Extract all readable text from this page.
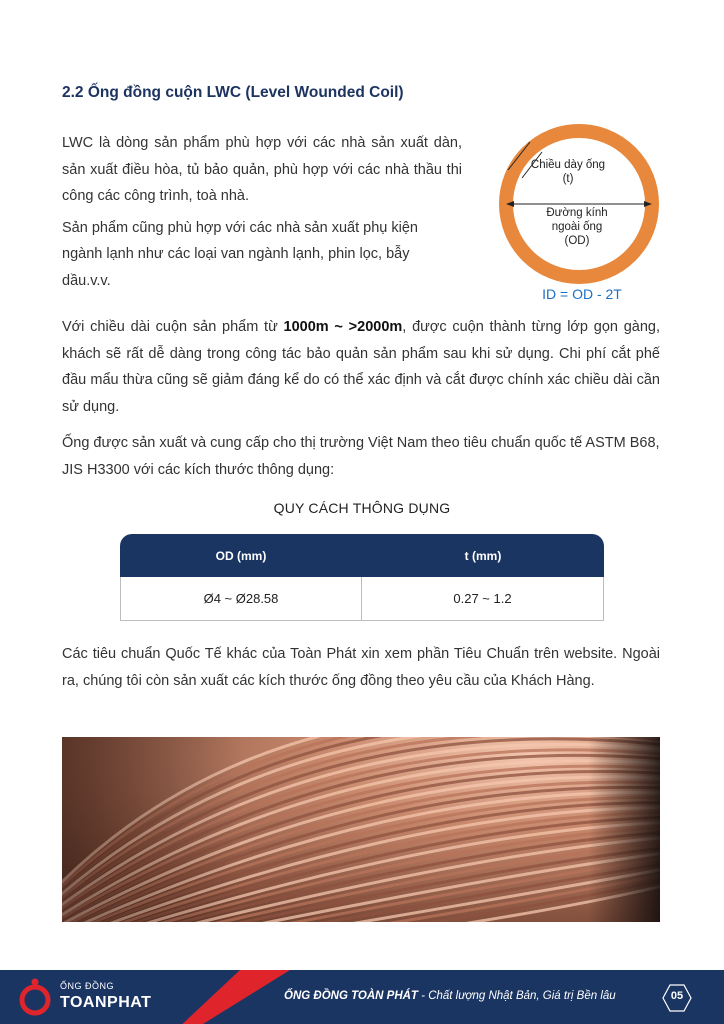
2.2 Ống đồng cuộn LWC (Level Wounded Coil)

LWC là dòng sản phẩm phù hợp với các nhà sản xuất dàn, sản xuất điều hòa, tủ bảo quản, phù hợp với các nhà thầu thi công các công trình, toà nhà.

Sản phẩm cũng phù hợp với các nhà sản xuất phụ kiện ngành lạnh như các loại van ngành lạnh, phin lọc, bẫy dầu.v.v.

Chiều dày ống
(t)
Đường kính
ngoài ống
(OD)
ID = OD - 2T

Với chiều dài cuộn sản phẩm từ 1000m ~ >2000m, được cuộn thành từng lớp gọn gàng, khách sẽ rất dễ dàng trong công tác bảo quản sản phẩm sau khi sử dụng. Chi phí cắt phế đầu mẩu thừa cũng sẽ giảm đáng kể do có thể xác định và cắt được chính xác chiều dài cần sử dụng.

Ống được sản xuất và cung cấp cho thị trường Việt Nam theo tiêu chuẩn quốc tế ASTM B68, JIS H3300 với các kích thước thông dụng:

QUY CÁCH THÔNG DỤNG
OD (mm)	t (mm)
Ø4 ~ Ø28.58	0.27 ~ 1.2

Các tiêu chuẩn Quốc Tế khác của Toàn Phát xin xem phần Tiêu Chuẩn trên website. Ngoài ra, chúng tôi còn sản xuất các kích thước ống đồng theo yêu cầu của Khách Hàng.

ỐNG ĐỒNG
TOANPHAT	ỐNG ĐỒNG TOÀN PHÁT - Chất lượng Nhật Bản, Giá trị Bền lâu	05
